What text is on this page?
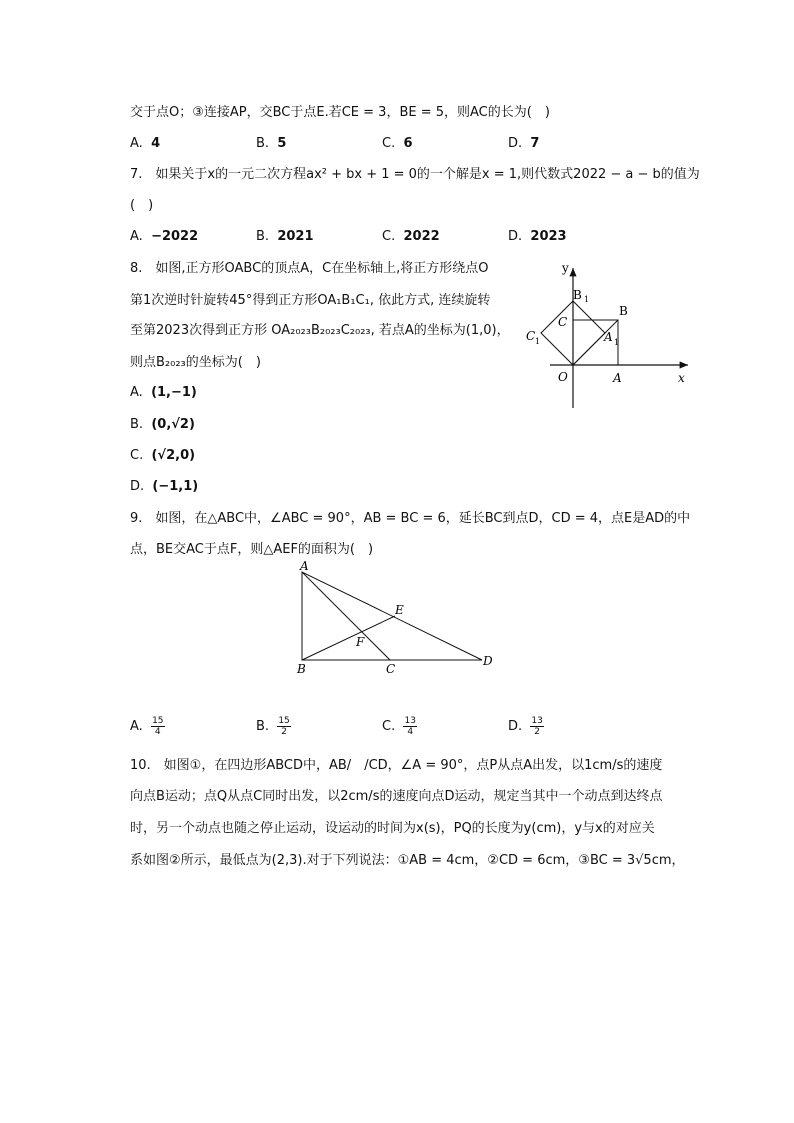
交于点O；③连接AP，交BC于点E.若CE = 3，BE = 5，则AC的长为(　)
A. 4	B. 5	C. 6	D. 7
7.　如果关于x的一元二次方程ax² + bx + 1 = 0的一个解是x = 1,则代数式2022 − a − b的值为
(　)
A. −2022	B. 2021	C. 2022	D. 2023
8.　如图,正方形OABC的顶点A，C在坐标轴上,将正方形绕点O
第1次逆时针旋转45°得到正方形OA₁B₁C₁, 依此方式, 连续旋转
至第2023次得到正方形 OA₂₀₂₃B₂₀₂₃C₂₀₂₃, 若点A的坐标为(1,0)，
则点B₂₀₂₃的坐标为(　)
A. (1,−1)
B. (0,√2)
C. (√2,0)
D. (−1,1)
y
x
O	A
B
C
B 1
A 1
C 1
9.　如图，在△ABC中，∠ABC = 90°，AB = BC = 6，延长BC到点D，CD = 4，点E是AD的中
点，BE交AC于点F，则△AEF的面积为(　)
A
B	C
D
E
F
A. $\frac{15}{4}$	B. $\frac{15}{2}$	C. $\frac{13}{4}$	D. $\frac{13}{2}$
10.　如图①，在四边形ABCD中，AB/　/CD，∠A = 90°，点P从点A出发，以1cm/s的速度
向点B运动；点Q从点C同时出发，以2cm/s的速度向点D运动，规定当其中一个动点到达终点
时，另一个动点也随之停止运动，设运动的时间为x(s)，PQ的长度为y(cm)，y与x的对应关
系如图②所示，最低点为(2,3).对于下列说法：①AB = 4cm，②CD = 6cm，③BC = 3√5cm，
